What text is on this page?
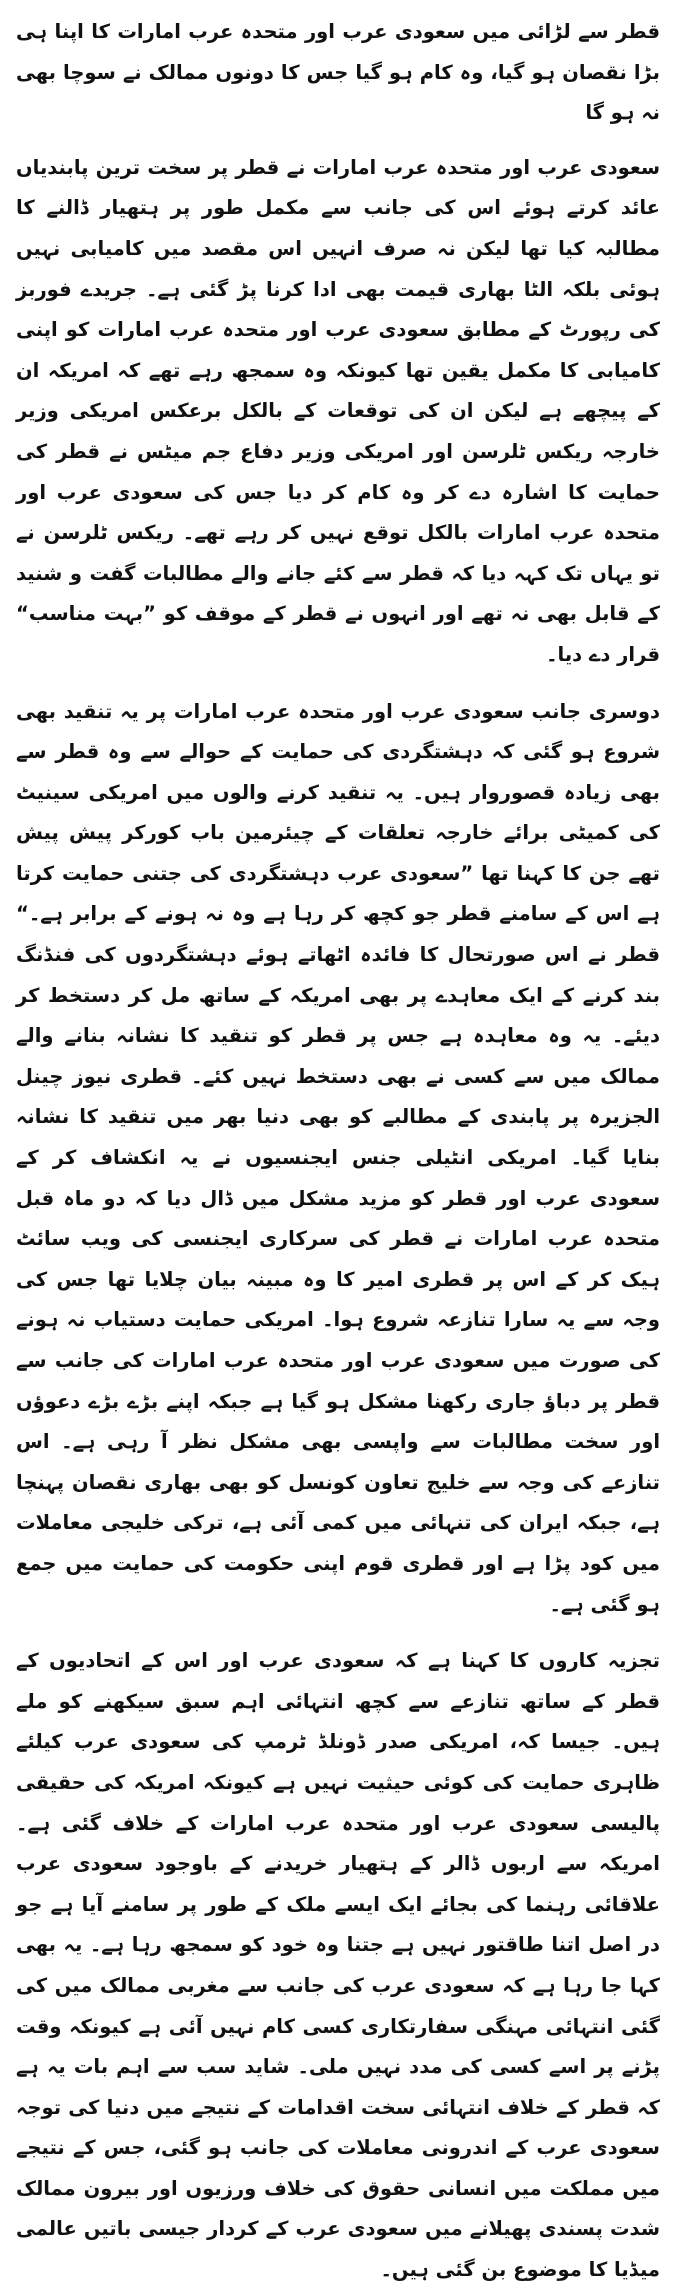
قطر سے لڑائی میں سعودی عرب اور متحدہ عرب امارات کا اپنا ہی بڑا نقصان ہو گیا، وہ کام ہو گیا جس کا دونوں ممالک نے سوچا بھی نہ ہو گا

سعودی عرب اور متحدہ عرب امارات نے قطر پر سخت ترین پابندیاں عائد کرتے ہوئے اس کی جانب سے مکمل طور پر ہتھیار ڈالنے کا مطالبہ کیا تھا لیکن نہ صرف انہیں اس مقصد میں کامیابی نہیں ہوئی بلکہ الٹا بھاری قیمت بھی ادا کرنا پڑ گئی ہے۔ جریدے فوربز کی رپورٹ کے مطابق سعودی عرب اور متحدہ عرب امارات کو اپنی کامیابی کا مکمل یقین تھا کیونکہ وہ سمجھ رہے تھے کہ امریکہ ان کے پیچھے ہے لیکن ان کی توقعات کے بالکل برعکس امریکی وزیر خارجہ ریکس ٹلرسن اور امریکی وزیر دفاع جم میٹس نے قطر کی حمایت کا اشارہ دے کر وہ کام کر دیا جس کی سعودی عرب اور متحدہ عرب امارات بالکل توقع نہیں کر رہے تھے۔ ریکس ٹلرسن نے تو یہاں تک کہہ دیا کہ قطر سے کئے جانے والے مطالبات گفت و شنید کے قابل بھی نہ تھے اور انہوں نے قطر کے موقف کو ”بہت مناسب“ قرار دے دیا۔

دوسری جانب سعودی عرب اور متحدہ عرب امارات پر یہ تنقید بھی شروع ہو گئی کہ دہشتگردی کی حمایت کے حوالے سے وہ قطر سے بھی زیادہ قصوروار ہیں۔ یہ تنقید کرنے والوں میں امریکی سینیٹ کی کمیٹی برائے خارجہ تعلقات کے چیئرمین باب کورکر پیش پیش تھے جن کا کہنا تھا ”سعودی عرب دہشتگردی کی جتنی حمایت کرتا ہے اس کے سامنے قطر جو کچھ کر رہا ہے وہ نہ ہونے کے برابر ہے۔“ قطر نے اس صورتحال کا فائدہ اٹھاتے ہوئے دہشتگردوں کی فنڈنگ بند کرنے کے ایک معاہدے پر بھی امریکہ کے ساتھ مل کر دستخط کر دیئے۔ یہ وہ معاہدہ ہے جس پر قطر کو تنقید کا نشانہ بنانے والے ممالک میں سے کسی نے بھی دستخط نہیں کئے۔ قطری نیوز چینل الجزیرہ پر پابندی کے مطالبے کو بھی دنیا بھر میں تنقید کا نشانہ بنایا گیا۔ امریکی انٹیلی جنس ایجنسیوں نے یہ انکشاف کر کے سعودی عرب اور قطر کو مزید مشکل میں ڈال دیا کہ دو ماہ قبل متحدہ عرب امارات نے قطر کی سرکاری ایجنسی کی ویب سائٹ ہیک کر کے اس پر قطری امیر کا وہ مبینہ بیان چلایا تھا جس کی وجہ سے یہ سارا تنازعہ شروع ہوا۔ امریکی حمایت دستیاب نہ ہونے کی صورت میں سعودی عرب اور متحدہ عرب امارات کی جانب سے قطر پر دباؤ جاری رکھنا مشکل ہو گیا ہے جبکہ اپنے بڑے بڑے دعوؤں اور سخت مطالبات سے واپسی بھی مشکل نظر آ رہی ہے۔ اس تنازعے کی وجہ سے خلیج تعاون کونسل کو بھی بھاری نقصان پہنچا ہے، جبکہ ایران کی تنہائی میں کمی آئی ہے، ترکی خلیجی معاملات میں کود پڑا ہے اور قطری قوم اپنی حکومت کی حمایت میں جمع ہو گئی ہے۔

تجزیہ کاروں کا کہنا ہے کہ سعودی عرب اور اس کے اتحادیوں کے قطر کے ساتھ تنازعے سے کچھ انتہائی اہم سبق سیکھنے کو ملے ہیں۔ جیسا کہ، امریکی صدر ڈونلڈ ٹرمپ کی سعودی عرب کیلئے ظاہری حمایت کی کوئی حیثیت نہیں ہے کیونکہ امریکہ کی حقیقی پالیسی سعودی عرب اور متحدہ عرب امارات کے خلاف گئی ہے۔ امریکہ سے اربوں ڈالر کے ہتھیار خریدنے کے باوجود سعودی عرب علاقائی رہنما کی بجائے ایک ایسے ملک کے طور پر سامنے آیا ہے جو در اصل اتنا طاقتور نہیں ہے جتنا وہ خود کو سمجھ رہا ہے۔ یہ بھی کہا جا رہا ہے کہ سعودی عرب کی جانب سے مغربی ممالک میں کی گئی انتہائی مہنگی سفارتکاری کسی کام نہیں آئی ہے کیونکہ وقت پڑنے پر اسے کسی کی مدد نہیں ملی۔ شاید سب سے اہم بات یہ ہے کہ قطر کے خلاف انتہائی سخت اقدامات کے نتیجے میں دنیا کی توجہ سعودی عرب کے اندرونی معاملات کی جانب ہو گئی، جس کے نتیجے میں مملکت میں انسانی حقوق کی خلاف ورزیوں اور بیرون ممالک شدت پسندی پھیلانے میں سعودی عرب کے کردار جیسی باتیں عالمی میڈیا کا موضوع بن گئی ہیں۔
